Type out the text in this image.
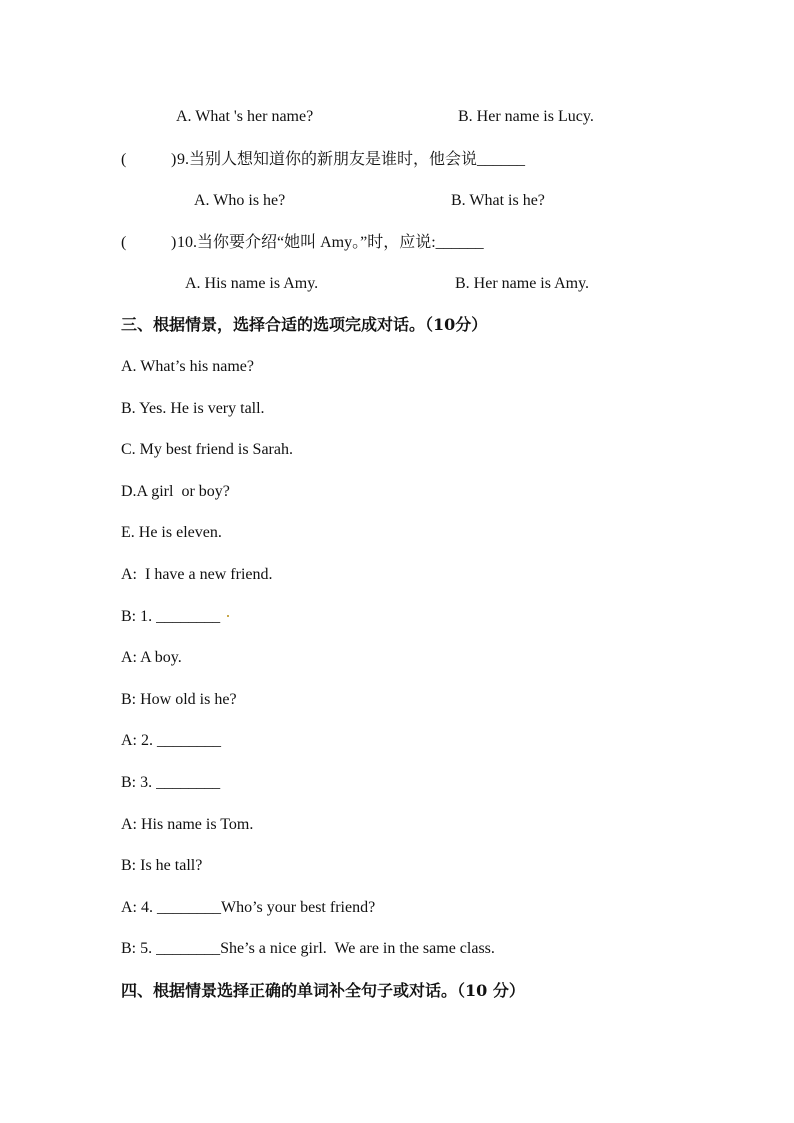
A. What 's her name?	B. Her name is Lucy.
(	) 9.当别人想知道你的新朋友是谁时，他会说______
A. Who is he?	B. What is he?
(	) 10.当你要介绍“她叫 Amy。”时，应说:______
A. His name is Amy.	B. Her name is Amy.
三、根据情景，选择合适的选项完成对话。（10分）
A. What’s his name?
B. Yes. He is very tall.
C. My best friend is Sarah.
D.A girl  or boy?
E. He is eleven.
A:  I have a new friend.
B: 1. ________
A: A boy.
B: How old is he?
A: 2. ________
B: 3. ________
A: His name is Tom.
B: Is he tall?
A: 4. ________Who’s your best friend?
B: 5. ________She’s a nice girl.  We are in the same class.
四、根据情景选择正确的单词补全句子或对话。（10 分）
